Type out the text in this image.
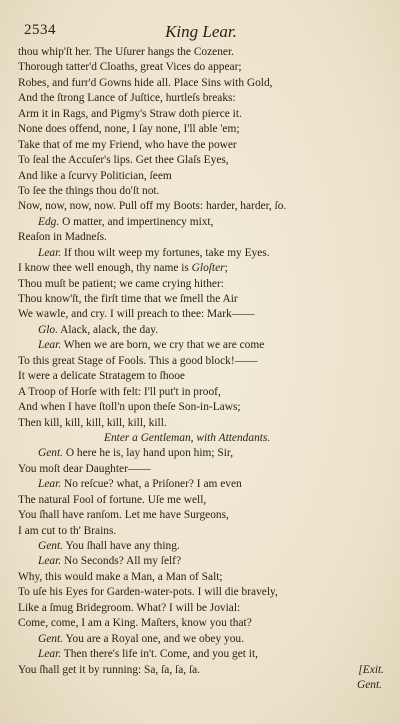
2534	King Lear.
thou whip'ſt her. The Uſurer hangs the Cozener.
Thorough tatter'd Cloaths, great Vices do appear;
Robes, and furr'd Gowns hide all. Place Sins with Gold,
And the ſtrong Lance of Juſtice, hurtleſs breaks:
Arm it in Rags, and Pigmy's Straw doth pierce it.
None does offend, none, I ſay none, I'll able 'em;
Take that of me my Friend, who have the power
To ſeal the Accuſer's lips. Get thee Glaſs Eyes,
And like a ſcurvy Politician, ſeem
To ſee the things thou do'ſt not.
Now, now, now, now. Pull off my Boots: harder, harder, ſo.
Edg. O matter, and impertinency mixt,
Reaſon in Madneſs.
Lear. If thou wilt weep my fortunes, take my Eyes.
I know thee well enough, thy name is Gloſter;
Thou muſt be patient; we came crying hither:
Thou know'ſt, the firſt time that we ſmell the Air
We wawle, and cry. I will preach to thee: Mark——
Glo. Alack, alack, the day.
Lear. When we are born, we cry that we are come
To this great Stage of Fools. This a good block!——
It were a delicate Stratagem to ſhooe
A Troop of Horſe with felt: I'll put't in proof,
And when I have ſtoll'n upon theſe Son-in-Laws;
Then kill, kill, kill, kill, kill, kill.
Enter a Gentleman, with Attendants.
Gent. O here he is, lay hand upon him; Sir,
You moſt dear Daughter——
Lear. No reſcue? what, a Priſoner? I am even
The natural Fool of fortune. Uſe me well,
You ſhall have ranſom. Let me have Surgeons,
I am cut to th' Brains.
Gent. You ſhall have any thing.
Lear. No Seconds? All my ſelf?
Why, this would make a Man, a Man of Salt;
To uſe his Eyes for Garden-water-pots. I will die bravely,
Like a ſmug Bridegroom. What? I will be Jovial:
Come, come, I am a King. Maſters, know you that?
Gent. You are a Royal one, and we obey you.
Lear. Then there's life in't. Come, and you get it,
You ſhall get it by running: Sa, ſa, ſa, ſa.	[Exit.
Gent.
